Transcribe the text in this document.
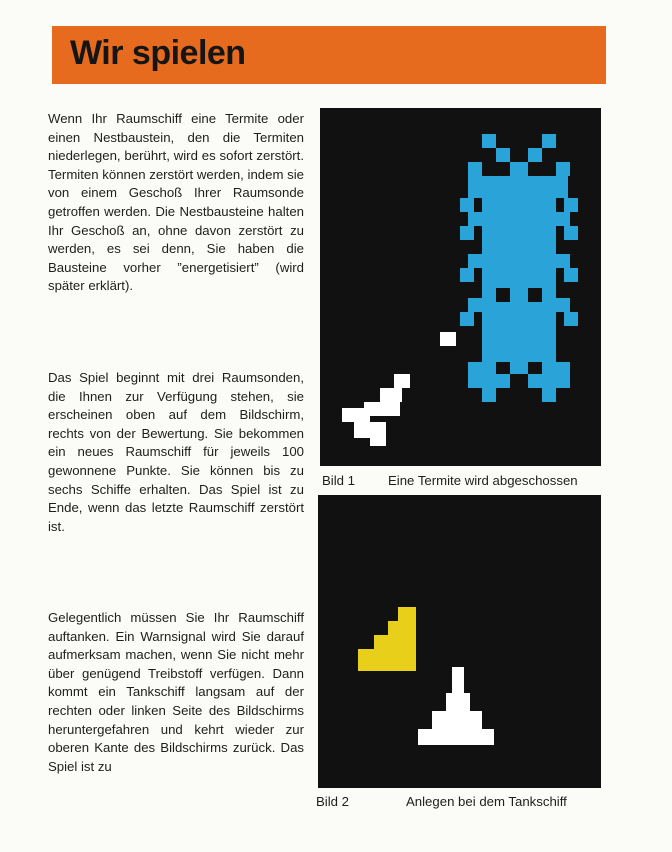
Wir spielen

Wenn Ihr Raumschiff eine Termite oder einen Nestbaustein, den die Termiten niederlegen, berührt, wird es sofort zerstört. Termiten können zerstört werden, indem sie von einem Geschoß Ihrer Raumsonde getroffen werden. Die Nestbausteine halten Ihr Geschoß an, ohne davon zerstört zu werden, es sei denn, Sie haben die Bausteine vorher ”energetisiert” (wird später erklärt).

Das Spiel beginnt mit drei Raumsonden, die Ihnen zur Verfügung stehen, sie erscheinen oben auf dem Bildschirm, rechts von der Bewertung. Sie bekommen ein neues Raumschiff für jeweils 100 gewonnene Punkte. Sie können bis zu sechs Schiffe erhalten. Das Spiel ist zu Ende, wenn das letzte Raumschiff zerstört ist.

Gelegentlich müssen Sie Ihr Raumschiff auftanken. Ein Warnsignal wird Sie darauf aufmerksam machen, wenn Sie nicht mehr über genügend Treibstoff verfügen. Dann kommt ein Tankschiff langsam auf der rechten oder linken Seite des Bildschirms heruntergefahren und kehrt wieder zur oberen Kante des Bildschirms zurück. Das Spiel ist zu

Bild 1	Eine Termite wird abgeschossen
Bild 2	Anlegen bei dem Tankschiff
